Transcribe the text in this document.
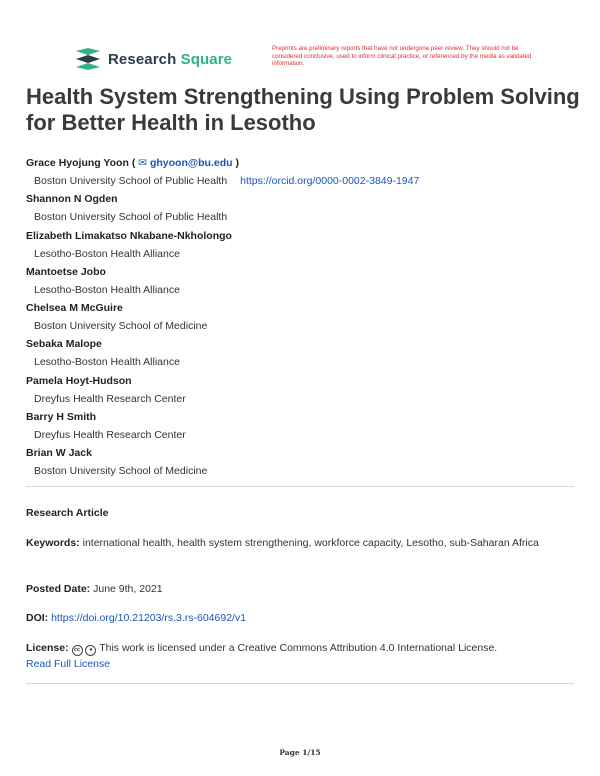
Research Square
Preprints are preliminary reports that have not undergone peer review. They should not be considered conclusive, used to inform clinical practice, or referenced by the media as validated information.
Health System Strengthening Using Problem Solving for Better Health in Lesotho
Grace Hyojung Yoon ( ✉ ghyoon@bu.edu )
Boston University School of Public Health https://orcid.org/0000-0002-3849-1947
Shannon N Ogden
Boston University School of Public Health
Elizabeth Limakatso Nkabane-Nkholongo
Lesotho-Boston Health Alliance
Mantoetse Jobo
Lesotho-Boston Health Alliance
Chelsea M McGuire
Boston University School of Medicine
Sebaka Malope
Lesotho-Boston Health Alliance
Pamela Hoyt-Hudson
Dreyfus Health Research Center
Barry H Smith
Dreyfus Health Research Center
Brian W Jack
Boston University School of Medicine
Research Article
Keywords: international health, health system strengthening, workforce capacity, Lesotho, sub-Saharan Africa
Posted Date: June 9th, 2021
DOI: https://doi.org/10.21203/rs.3.rs-604692/v1
License: cc ● This work is licensed under a Creative Commons Attribution 4.0 International License.
Read Full License
Page 1/15
